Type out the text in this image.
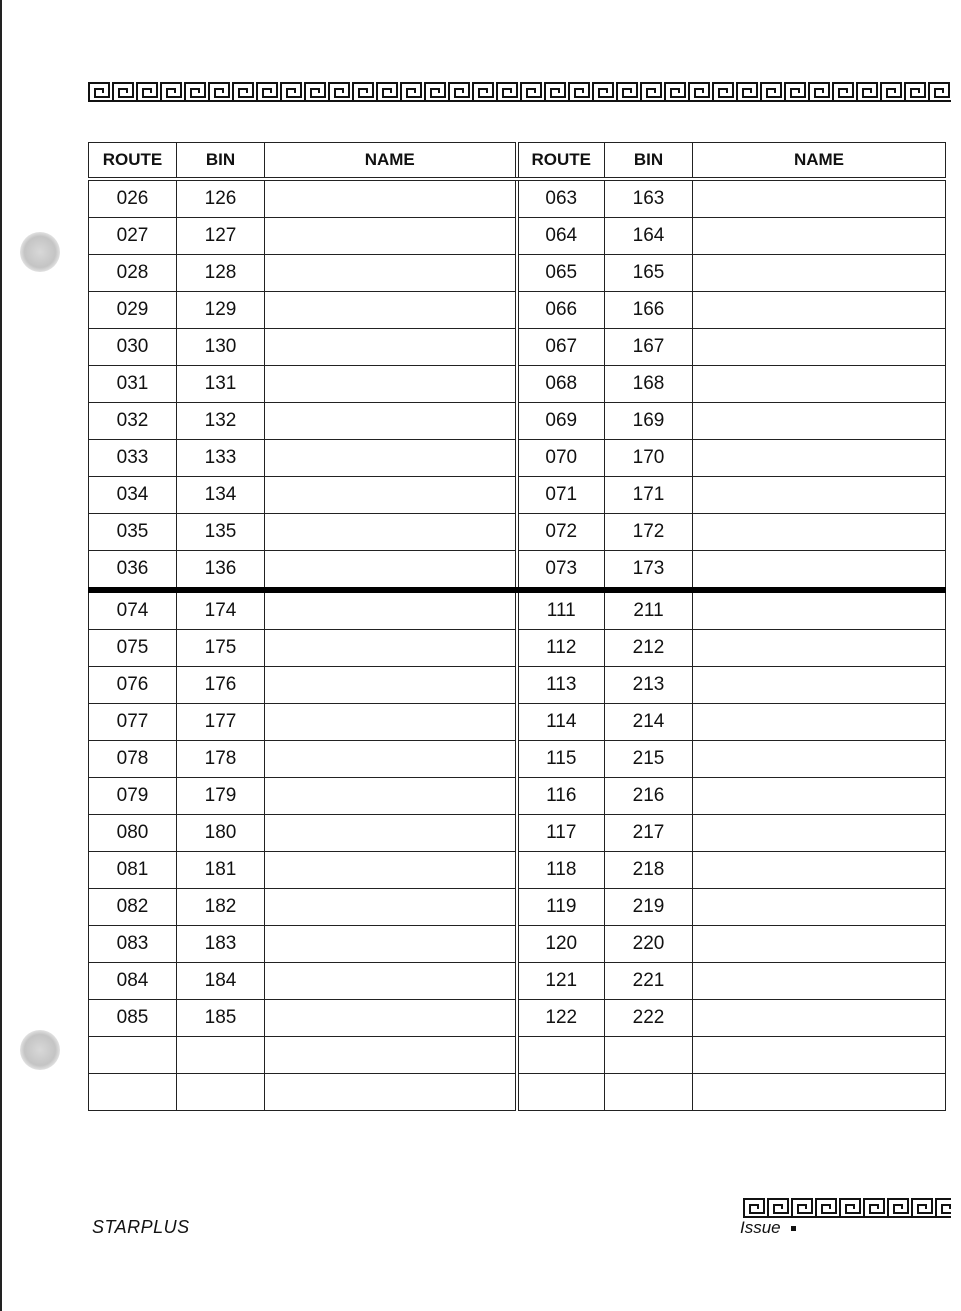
ROUTE	BIN	NAME	ROUTE	BIN	NAME
026	126		063	163	
027	127		064	164	
028	128		065	165	
029	129		066	166	
030	130		067	167	
031	131		068	168	
032	132		069	169	
033	133		070	170	
034	134		071	171	
035	135		072	172	
036	136		073	173	
074	174		111	211	
075	175		112	212	
076	176		113	213	
077	177		114	214	
078	178		115	215	
079	179		116	216	
080	180		117	217	
081	181		118	218	
082	182		119	219	
083	183		120	220	
084	184		121	221	
085	185		122	222	

STARPLUS	Issue
